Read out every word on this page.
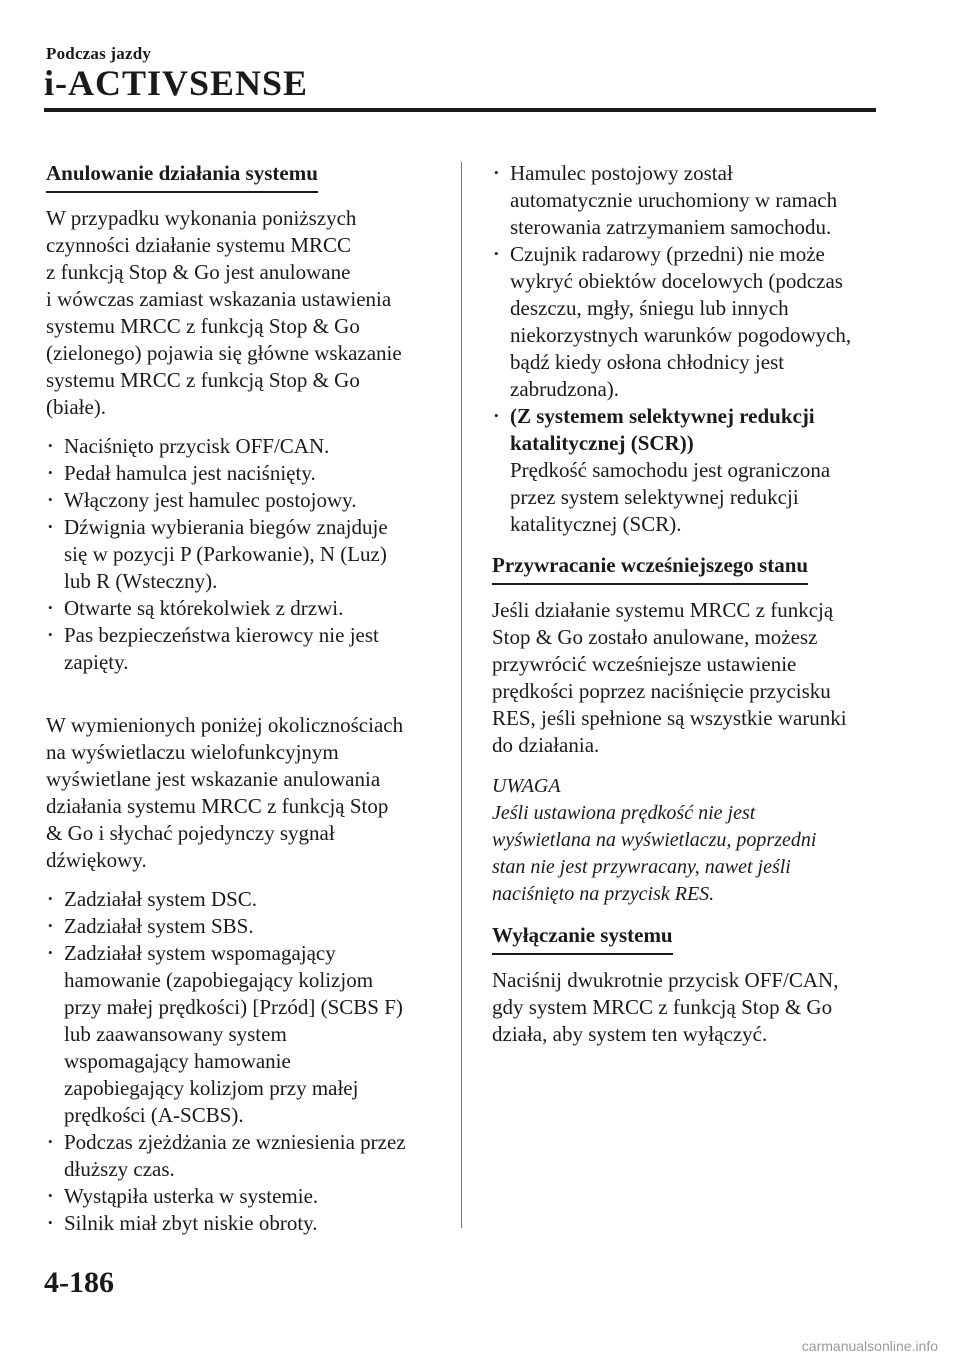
Podczas jazdy
i-ACTIVSENSE
Anulowanie działania systemu

W przypadku wykonania poniższych
czynności działanie systemu MRCC
z funkcją Stop & Go jest anulowane
i wówczas zamiast wskazania ustawienia
systemu MRCC z funkcją Stop & Go
(zielonego) pojawia się główne wskazanie
systemu MRCC z funkcją Stop & Go
(białe).

• Naciśnięto przycisk OFF/CAN.
• Pedał hamulca jest naciśnięty.
• Włączony jest hamulec postojowy.
• Dźwignia wybierania biegów znajduje
się w pozycji P (Parkowanie), N (Luz)
lub R (Wsteczny).
• Otwarte są którekolwiek z drzwi.
• Pas bezpieczeństwa kierowcy nie jest
zapięty.

W wymienionych poniżej okolicznościach
na wyświetlaczu wielofunkcyjnym
wyświetlane jest wskazanie anulowania
działania systemu MRCC z funkcją Stop
& Go i słychać pojedynczy sygnał
dźwiękowy.

• Zadziałał system DSC.
• Zadziałał system SBS.
• Zadziałał system wspomagający
hamowanie (zapobiegający kolizjom
przy małej prędkości) [Przód] (SCBS F)
lub zaawansowany system
wspomagający hamowanie
zapobiegający kolizjom przy małej
prędkości (A-SCBS).
• Podczas zjeżdżania ze wzniesienia przez
dłuższy czas.
• Wystąpiła usterka w systemie.
• Silnik miał zbyt niskie obroty.
• Hamulec postojowy został
automatycznie uruchomiony w ramach
sterowania zatrzymaniem samochodu.
• Czujnik radarowy (przedni) nie może
wykryć obiektów docelowych (podczas
deszczu, mgły, śniegu lub innych
niekorzystnych warunków pogodowych,
bądź kiedy osłona chłodnicy jest
zabrudzona).
• (Z systemem selektywnej redukcji
katalitycznej (SCR))
Prędkość samochodu jest ograniczona
przez system selektywnej redukcji
katalitycznej (SCR).
Przywracanie wcześniejszego stanu

Jeśli działanie systemu MRCC z funkcją
Stop & Go zostało anulowane, możesz
przywrócić wcześniejsze ustawienie
prędkości poprzez naciśnięcie przycisku
RES, jeśli spełnione są wszystkie warunki
do działania.

UWAGA

Jeśli ustawiona prędkość nie jest
wyświetlana na wyświetlaczu, poprzedni
stan nie jest przywracany, nawet jeśli
naciśnięto na przycisk RES.

Wyłączanie systemu

Naciśnij dwukrotnie przycisk OFF/CAN,
gdy system MRCC z funkcją Stop & Go
działa, aby system ten wyłączyć.

4-186
carmanualsonline.info
